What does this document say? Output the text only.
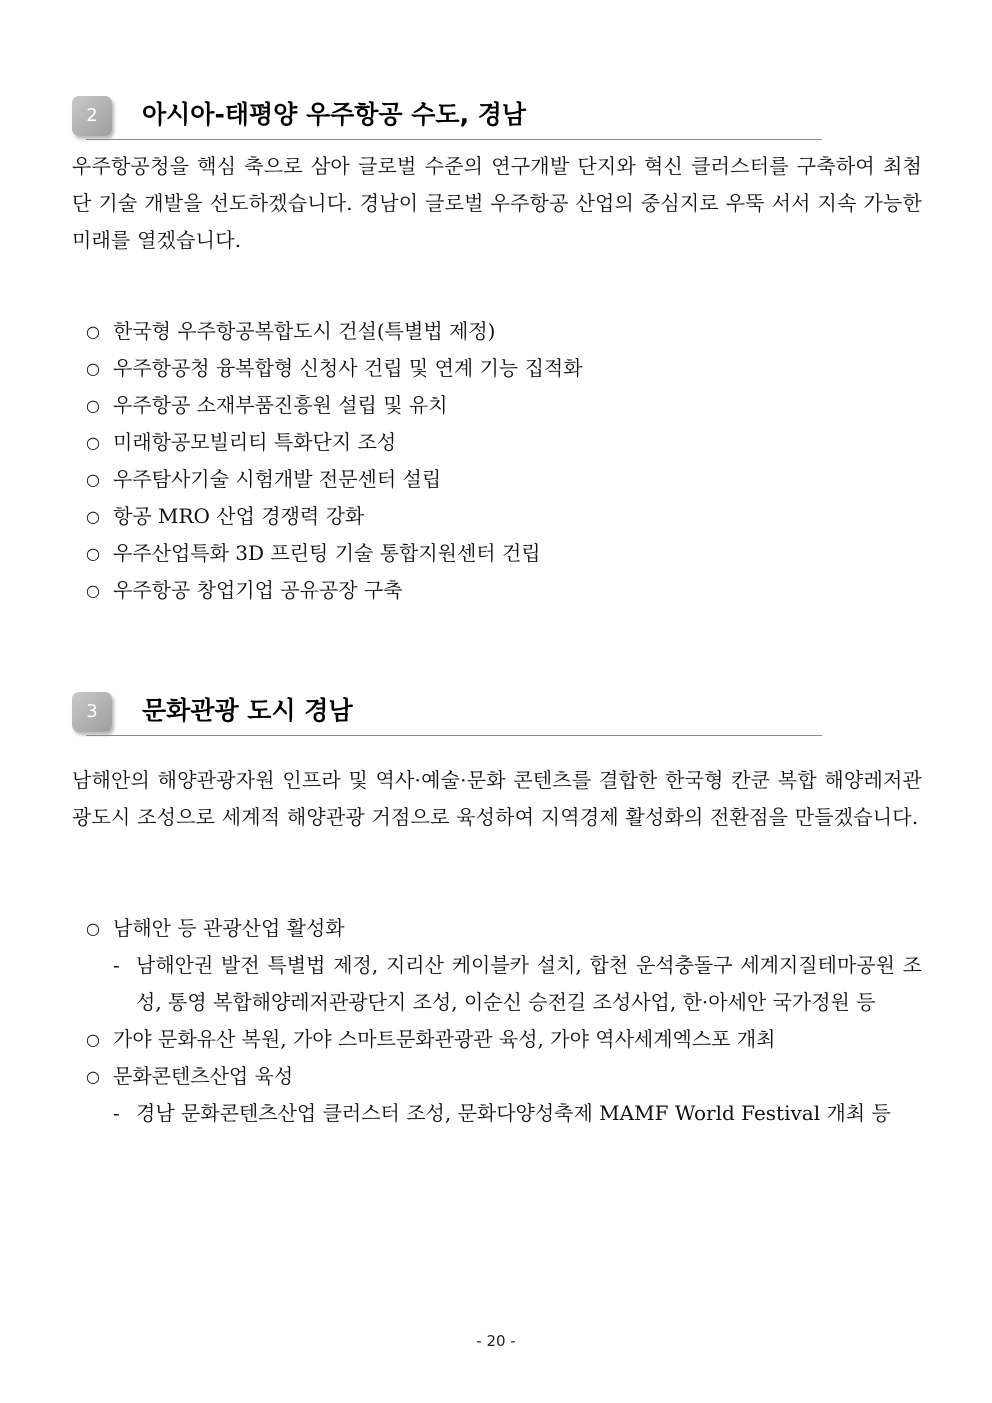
2	아시아-태평양 우주항공 수도, 경남

우주항공청을 핵심 축으로 삼아 글로벌 수준의 연구개발 단지와 혁신 클러스터를 구축하여 최첨단 기술 개발을 선도하겠습니다. 경남이 글로벌 우주항공 산업의 중심지로 우뚝 서서 지속 가능한 미래를 열겠습니다.

○ 한국형 우주항공복합도시 건설(특별법 제정)
○ 우주항공청 융복합형 신청사 건립 및 연계 기능 집적화
○ 우주항공 소재부품진흥원 설립 및 유치
○ 미래항공모빌리티 특화단지 조성
○ 우주탐사기술 시험개발 전문센터 설립
○ 항공 MRO 산업 경쟁력 강화
○ 우주산업특화 3D 프린팅 기술 통합지원센터 건립
○ 우주항공 창업기업 공유공장 구축
3	문화관광 도시 경남

남해안의 해양관광자원 인프라 및 역사·예술·문화 콘텐츠를 결합한 한국형 칸쿤 복합 해양레저관광도시 조성으로 세계적 해양관광 거점으로 육성하여 지역경제 활성화의 전환점을 만들겠습니다.

○ 남해안 등 관광산업 활성화
- 남해안권 발전 특별법 제정, 지리산 케이블카 설치, 합천 운석충돌구 세계지질테마공원 조성, 통영 복합해양레저관광단지 조성, 이순신 승전길 조성사업, 한·아세안 국가정원 등
○ 가야 문화유산 복원, 가야 스마트문화관광관 육성, 가야 역사세계엑스포 개최
○ 문화콘텐츠산업 육성
- 경남 문화콘텐츠산업 클러스터 조성, 문화다양성축제 MAMF World Festival 개최 등
- 20 -
